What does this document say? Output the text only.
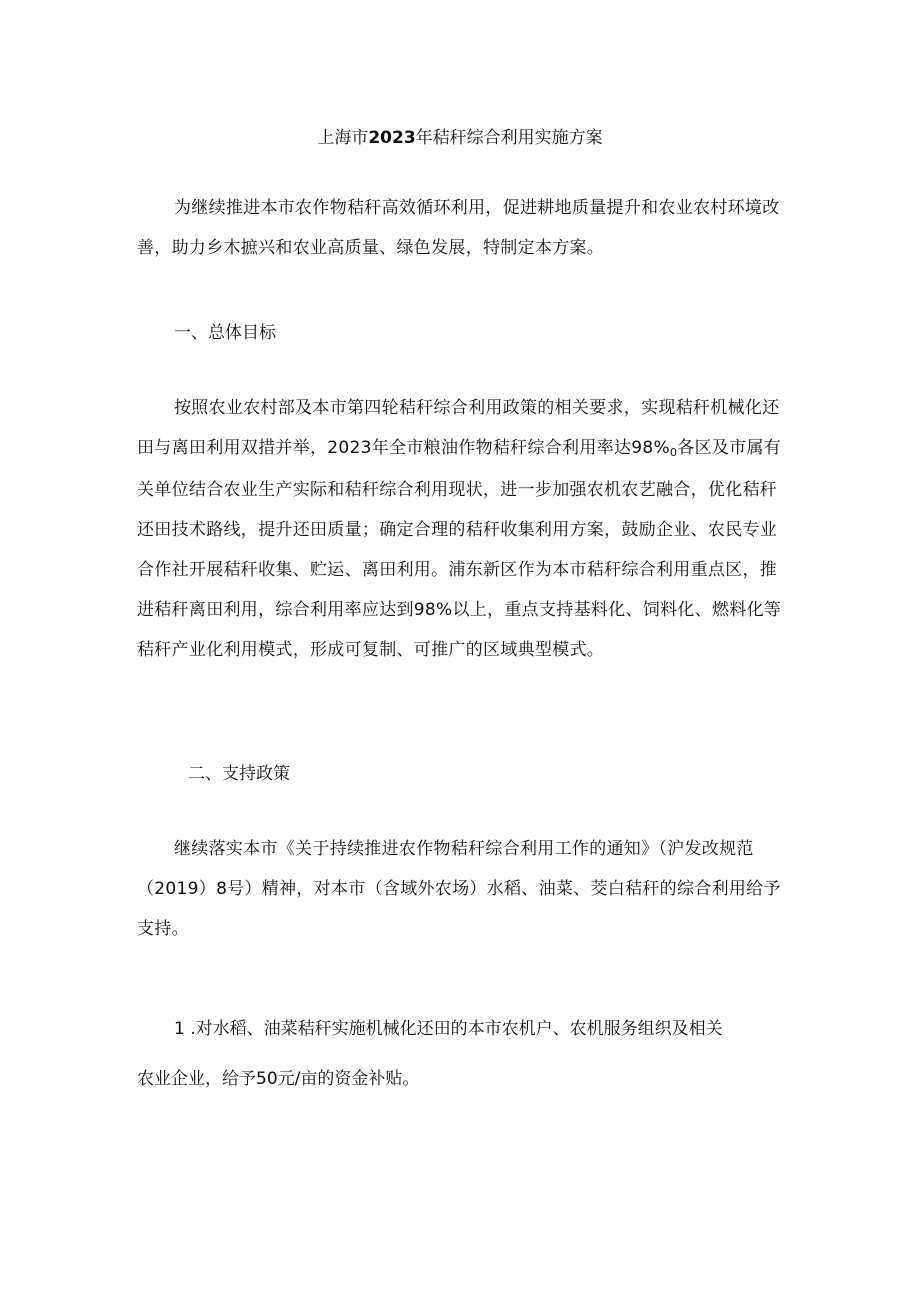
上海市2023年秸秆综合利用实施方案

为继续推进本市农作物秸秆高效循环利用，促进耕地质量提升和农业农村环境改善，助力乡木摭兴和农业高质量、绿色发展，特制定本方案。

一、总体目标

按照农业农村部及本市第四轮秸秆综合利用政策的相关要求，实现秸秆机械化还田与离田利用双措并举，2023年全市粮油作物秸秆综合利用率达98%0各区及市属有关单位结合农业生产实际和秸秆综合利用现状，进一步加强农机农艺融合，优化秸秆还田技术路线，提升还田质量；确定合理的秸秆收集利用方案，鼓励企业、农民专业合作社开展秸秆收集、贮运、离田利用。浦东新区作为本市秸秆综合利用重点区，推进秸秆离田利用，综合利用率应达到98%以上，重点支持基料化、饲料化、燃料化等秸秆产业化利用模式，形成可复制、可推广的区域典型模式。

二、支持政策

继续落实本市《关于持续推进农作物秸秆综合利用工作的通知》（沪发改规范（2019）8号）精神，对本市（含域外农场）水稻、油菜、茭白秸秆的综合利用给予支持。

1 .对水稻、油菜秸秆实施机械化还田的本市农机户、农机服务组织及相关

农业企业，给予50元/亩的资金补贴。
